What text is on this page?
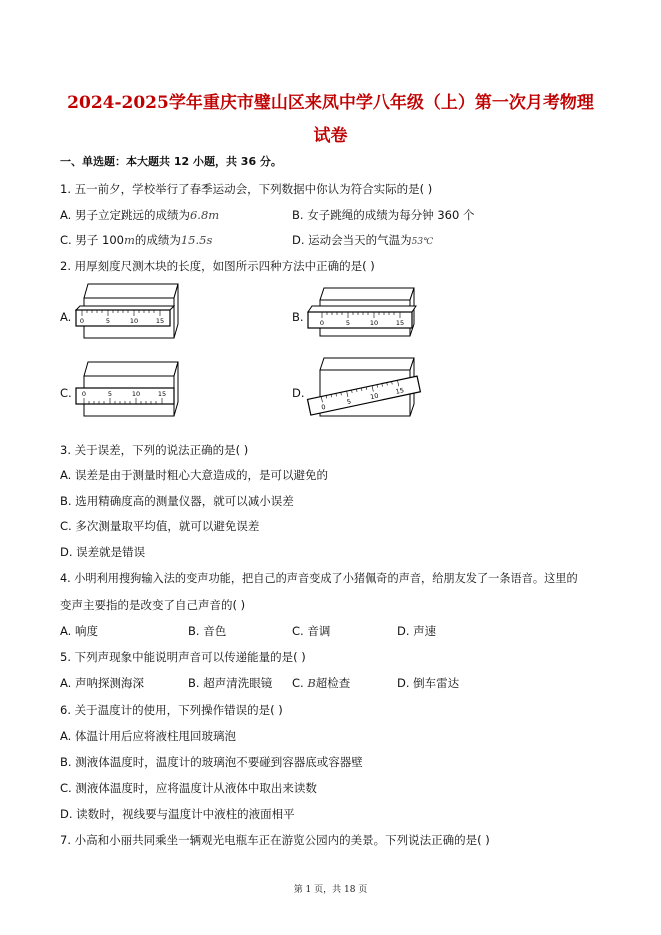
2024-2025学年重庆市璧山区来凤中学八年级（上）第一次月考物理
试卷
一、单选题：本大题共 12 小题，共 36 分。
1. 五一前夕，学校举行了春季运动会，下列数据中你认为符合实际的是( )
A. 男子立定跳远的成绩为6.8m	B. 女子跳绳的成绩为每分钟 360 个
C. 男子 100m的成绩为15.5s	D. 运动会当天的气温为53℃
2. 用厚刻度尺测木块的长度，如图所示四种方法中正确的是( )
A. 0	5	10	15	B.	0	5	10	15
C. 0	5	10	15	D.
0
5
10
15
3. 关于误差，下列的说法正确的是( )
A. 误差是由于测量时粗心大意造成的，是可以避免的
B. 选用精确度高的测量仪器，就可以减小误差
C. 多次测量取平均值，就可以避免误差
D. 误差就是错误
4. 小明利用搜狗输入法的变声功能，把自己的声音变成了小猪佩奇的声音，给朋友发了一条语音。这里的
变声主要指的是改变了自己声音的( )
A. 响度	B. 音色	C. 音调	D. 声速
5. 下列声现象中能说明声音可以传递能量的是( )
A. 声呐探测海深	B. 超声清洗眼镜 C. B超检查	D. 倒车雷达
6. 关于温度计的使用，下列操作错误的是( )
A. 体温计用后应将液柱甩回玻璃泡
B. 测液体温度时，温度计的玻璃泡不要碰到容器底或容器壁
C. 测液体温度时，应将温度计从液体中取出来读数
D. 读数时，视线要与温度计中液柱的液面相平
7. 小高和小丽共同乘坐一辆观光电瓶车正在游览公园内的美景。下列说法正确的是( )
第 1 页，共 18 页
